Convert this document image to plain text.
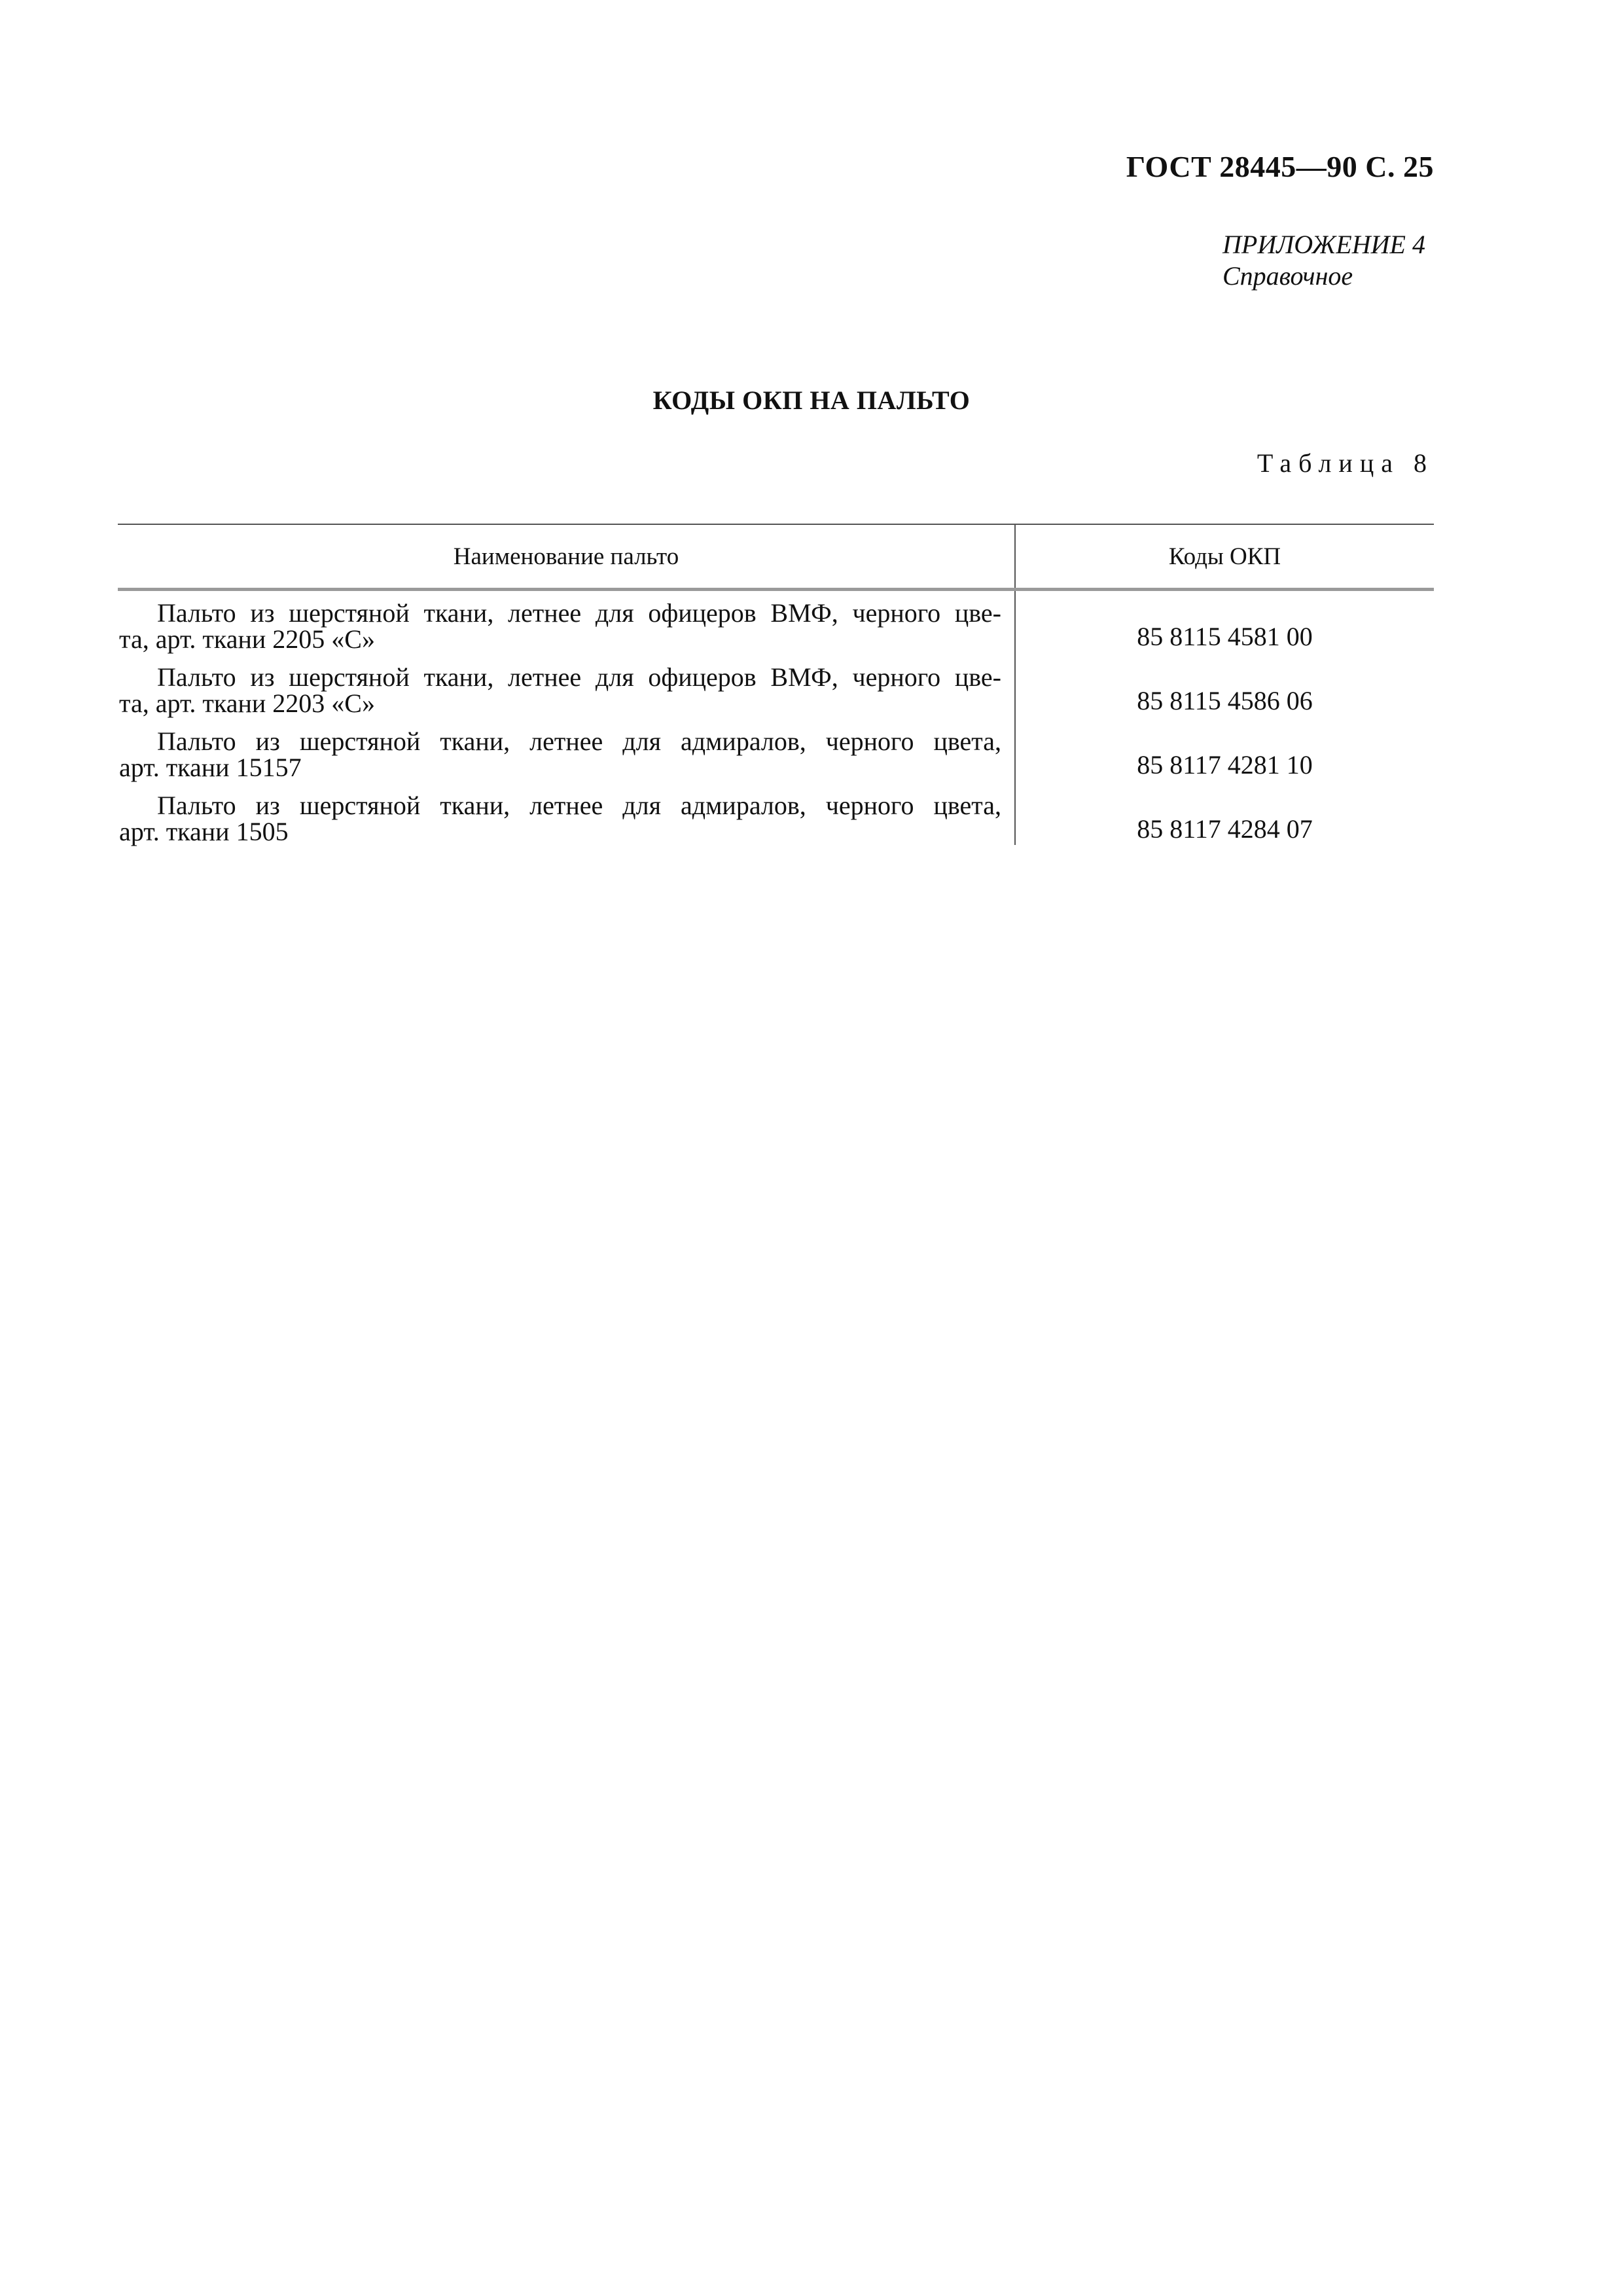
ГОСТ 28445—90 С. 25
ПРИЛОЖЕНИЕ 4
Справочное
КОДЫ ОКП НА ПАЛЬТО
Таблица 8
Наименование пальто	Коды ОКП

Пальто из шерстяной ткани, летнее для офицеров ВМФ, черного цве-
та, арт. ткани 2205 «С»	85 8115 4581 00

Пальто из шерстяной ткани, летнее для офицеров ВМФ, черного цве-
та, арт. ткани 2203 «С»	85 8115 4586 06

Пальто из шерстяной ткани, летнее для адмиралов, черного цвета,
арт. ткани 15157	85 8117 4281 10

Пальто из шерстяной ткани, летнее для адмиралов, черного цвета,
арт. ткани 1505	85 8117 4284 07
